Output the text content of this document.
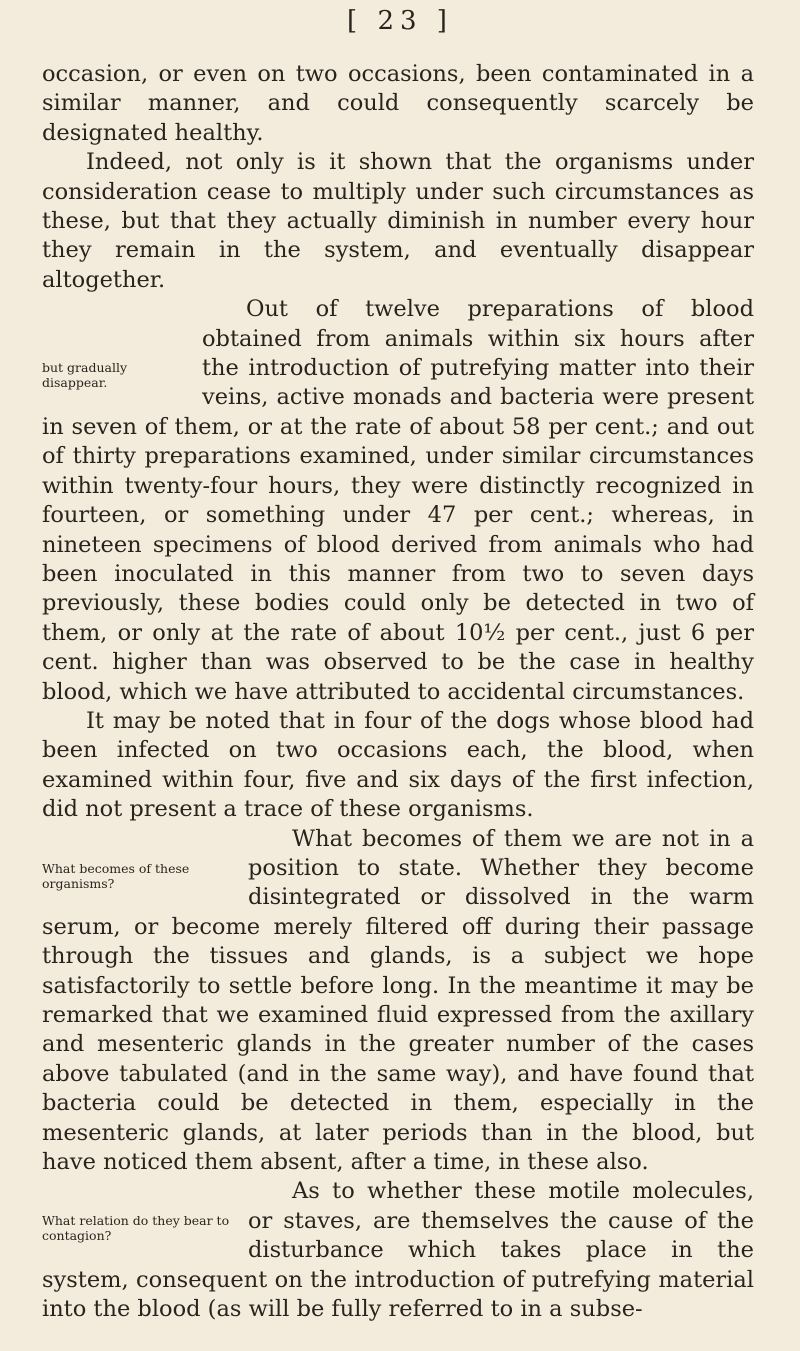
[ 23 ]

occasion, or even on two occasions, been contaminated in a similar manner, and could consequently scarcely be designated healthy.

Indeed, not only is it shown that the organisms under consideration cease to multiply under such circumstances as these, but that they actually diminish in number every hour they remain in the system, and eventually disappear altogether.

but gradually disappear.

Out of twelve preparations of blood obtained from animals within six hours after the introduction of putrefying matter into their veins, active monads and bacteria were present in seven of them, or at the rate of about 58 per cent.; and out of thirty preparations examined, under similar circumstances within twenty-four hours, they were distinctly recognized in fourteen, or something under 47 per cent.; whereas, in nineteen specimens of blood derived from animals who had been inoculated in this manner from two to seven days previously, these bodies could only be detected in two of them, or only at the rate of about 10½ per cent., just 6 per cent. higher than was observed to be the case in healthy blood, which we have attributed to accidental circumstances.

It may be noted that in four of the dogs whose blood had been infected on two occasions each, the blood, when examined within four, five and six days of the first infection, did not present a trace of these organisms.

What becomes of these organisms?

What becomes of them we are not in a position to state. Whether they become disintegrated or dissolved in the warm serum, or become merely filtered off during their passage through the tissues and glands, is a subject we hope satisfactorily to settle before long. In the meantime it may be remarked that we examined fluid expressed from the axillary and mesenteric glands in the greater number of the cases above tabulated (and in the same way), and have found that bacteria could be detected in them, especially in the mesenteric glands, at later periods than in the blood, but have noticed them absent, after a time, in these also.

What relation do they bear to contagion?

As to whether these motile molecules, or staves, are themselves the cause of the disturbance which takes place in the system, consequent on the introduction of putrefying material into the blood (as will be fully referred to in a subse-
